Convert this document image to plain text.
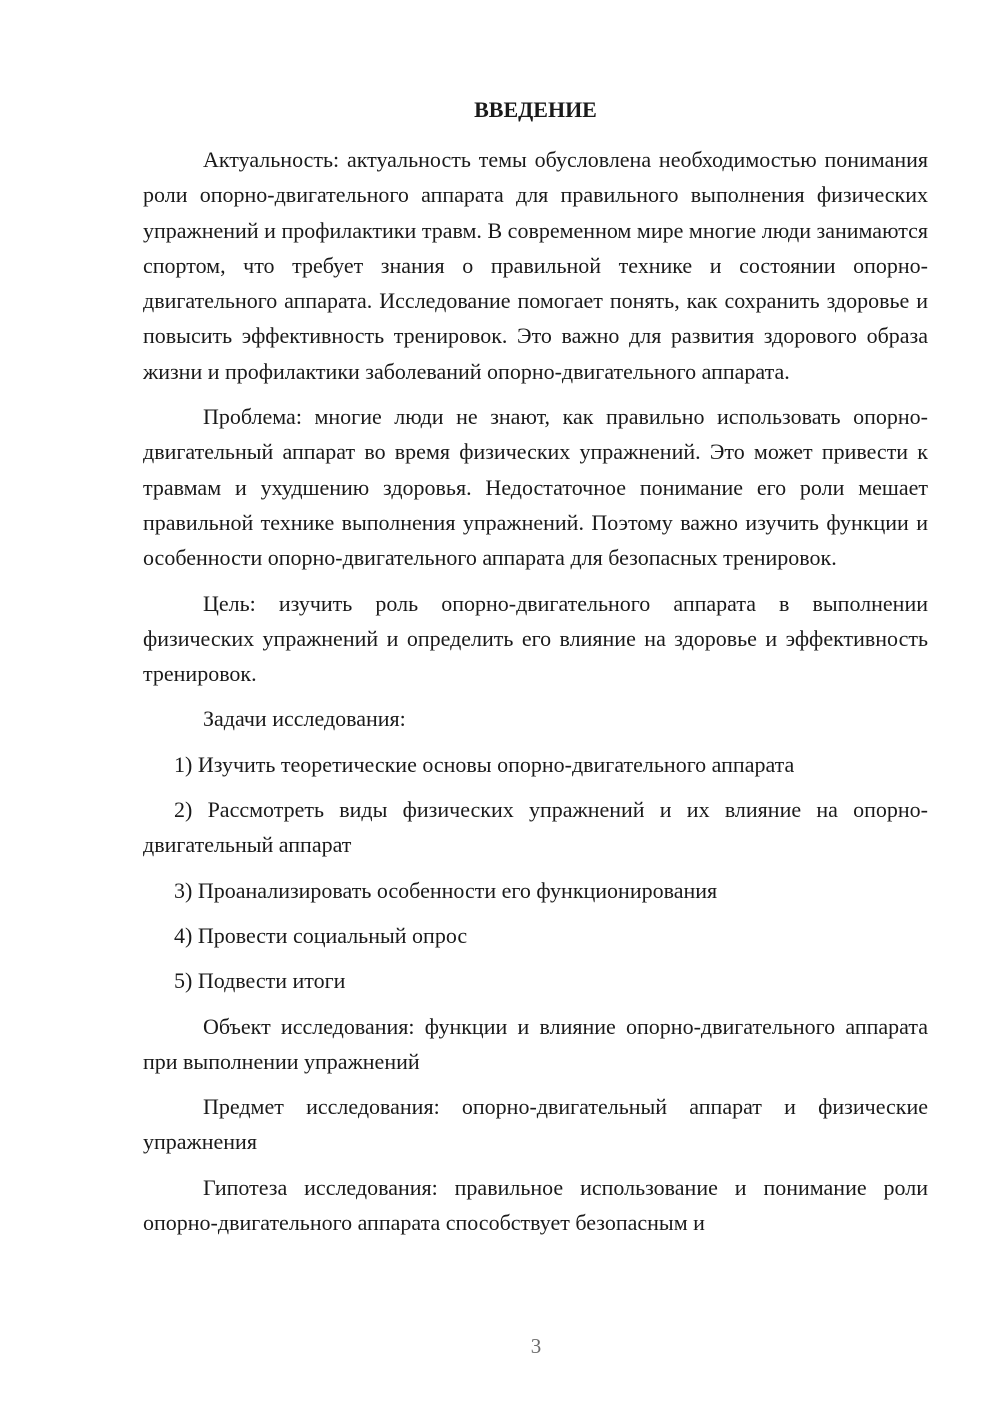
ВВЕДЕНИЕ

Актуальность: актуальность темы обусловлена необходимостью понимания роли опорно-двигательного аппарата для правильного выполнения физических упражнений и профилактики травм. В современном мире многие люди занимаются спортом, что требует знания о правильной технике и состоянии опорно-двигательного аппарата. Исследование помогает понять, как сохранить здоровье и повысить эффективность тренировок. Это важно для развития здорового образа жизни и профилактики заболеваний опорно-двигательного аппарата.

Проблема: многие люди не знают, как правильно использовать опорно-двигательный аппарат во время физических упражнений. Это может привести к травмам и ухудшению здоровья. Недостаточное понимание его роли мешает правильной технике выполнения упражнений. Поэтому важно изучить функции и особенности опорно-двигательного аппарата для безопасных тренировок.

Цель: изучить роль опорно-двигательного аппарата в выполнении физических упражнений и определить его влияние на здоровье и эффективность тренировок.

Задачи исследования:

1) Изучить теоретические основы опорно-двигательного аппарата

2) Рассмотреть виды физических упражнений и их влияние на опорно-двигательный аппарат

3) Проанализировать особенности его функционирования

4) Провести социальный опрос

5) Подвести итоги

Объект исследования: функции и влияние опорно-двигательного аппарата при выполнении упражнений

Предмет исследования: опорно-двигательный аппарат и физические упражнения

Гипотеза исследования: правильное использование и понимание роли опорно-двигательного аппарата способствует безопасным и

3
